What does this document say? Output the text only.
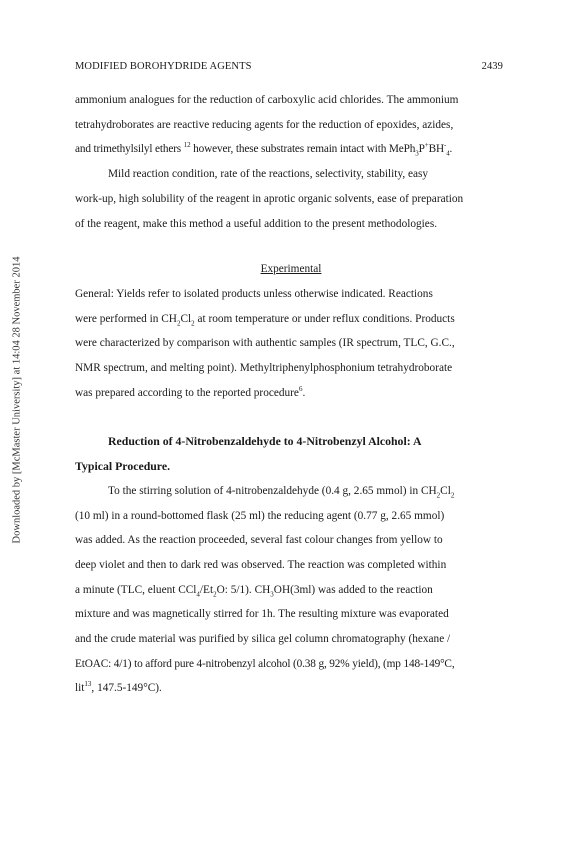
MODIFIED BOROHYDRIDE AGENTS	2439
Downloaded by [McMaster University] at 14:04 28 November 2014

ammonium analogues for the reduction of carboxylic acid chlorides. The ammonium
tetrahydroborates are reactive reducing agents for the reduction of epoxides, azides,
and trimethylsilyl ethers $^{12}$ however, these substrates remain intact with $MePh_3P^+BH^-_4$.

Mild reaction condition, rate of the reactions, selectivity, stability, easy
work-up, high solubility of the reagent in aprotic organic solvents, ease of preparation
of the reagent, make this method a useful addition to the present methodologies.

Experimental

General: Yields refer to isolated products unless otherwise indicated. Reactions
were performed in $CH_2Cl_2$ at room temperature or under reflux conditions. Products
were characterized by comparison with authentic samples (IR spectrum, TLC, G.C.,
NMR spectrum, and melting point). Methyltriphenylphosphonium tetrahydroborate
was prepared according to the reported procedure$^6$.

Reduction of 4-Nitrobenzaldehyde to 4-Nitrobenzyl Alcohol: A

Typical Procedure.

To the stirring solution of 4-nitrobenzaldehyde (0.4 g, 2.65 mmol) in $CH_2Cl_2$
(10 ml) in a round-bottomed flask (25 ml) the reducing agent (0.77 g, 2.65 mmol)
was added. As the reaction proceeded, several fast colour changes from yellow to
deep violet and then to dark red was observed. The reaction was completed within
a minute (TLC, eluent $CCl_4/Et_2O$: 5/1). $CH_3OH(3ml)$ was added to the reaction
mixture and was magnetically stirred for 1h. The resulting mixture was evaporated
and the crude material was purified by silica gel column chromatography (hexane /
EtOAC: 4/1) to afford pure 4-nitrobenzyl alcohol (0.38 g, 92% yield), (mp 148-149°C,
lit$^{13}$, 147.5-149°C).
